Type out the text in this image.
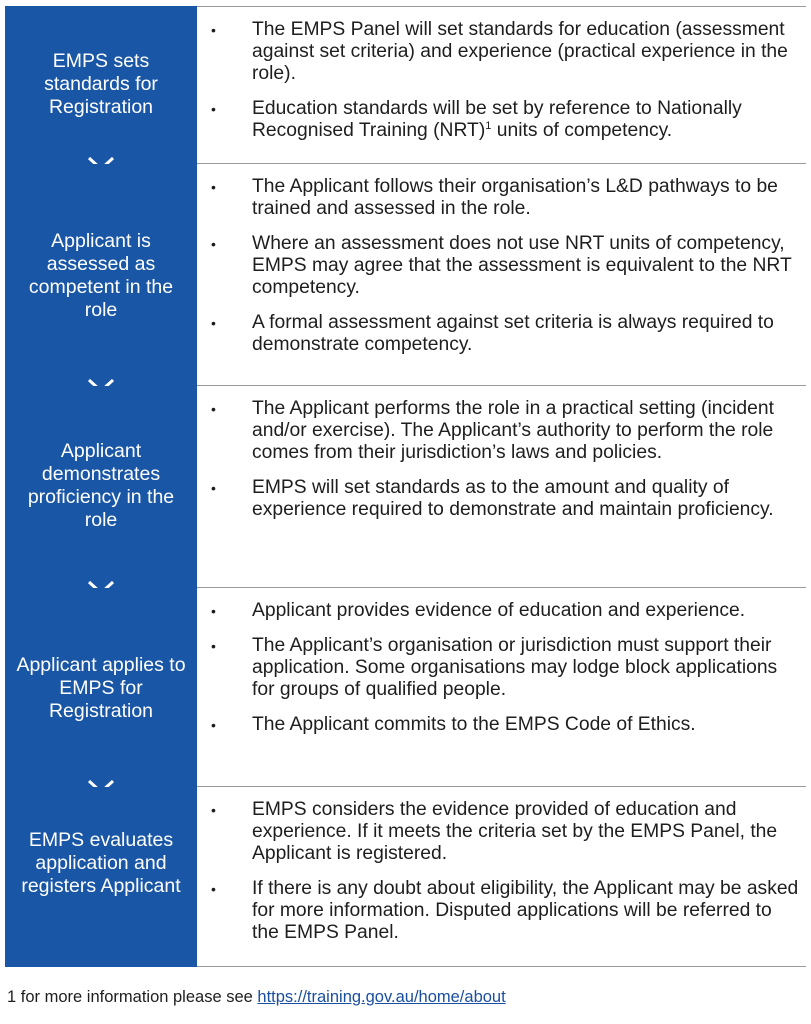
EMPS sets standards for Registration
• The EMPS Panel will set standards for education (assessment against set criteria) and experience (practical experience in the role).
• Education standards will be set by reference to Nationally Recognised Training (NRT)$^1$ units of competency.
Applicant is assessed as competent in the role
• The Applicant follows their organisation’s L&D pathways to be trained and assessed in the role.
• Where an assessment does not use NRT units of competency, EMPS may agree that the assessment is equivalent to the NRT competency.
• A formal assessment against set criteria is always required to demonstrate competency.
Applicant demonstrates proficiency in the role
• The Applicant performs the role in a practical setting (incident and/or exercise). The Applicant’s authority to perform the role comes from their jurisdiction’s laws and policies.
• EMPS will set standards as to the amount and quality of experience required to demonstrate and maintain proficiency.
Applicant applies to EMPS for Registration
• Applicant provides evidence of education and experience.
• The Applicant’s organisation or jurisdiction must support their application. Some organisations may lodge block applications for groups of qualified people.
• The Applicant commits to the EMPS Code of Ethics.
EMPS evaluates application and registers Applicant
• EMPS considers the evidence provided of education and experience. If it meets the criteria set by the EMPS Panel, the Applicant is registered.
• If there is any doubt about eligibility, the Applicant may be asked for more information. Disputed applications will be referred to the EMPS Panel.
1 for more information please see https://training.gov.au/home/about
